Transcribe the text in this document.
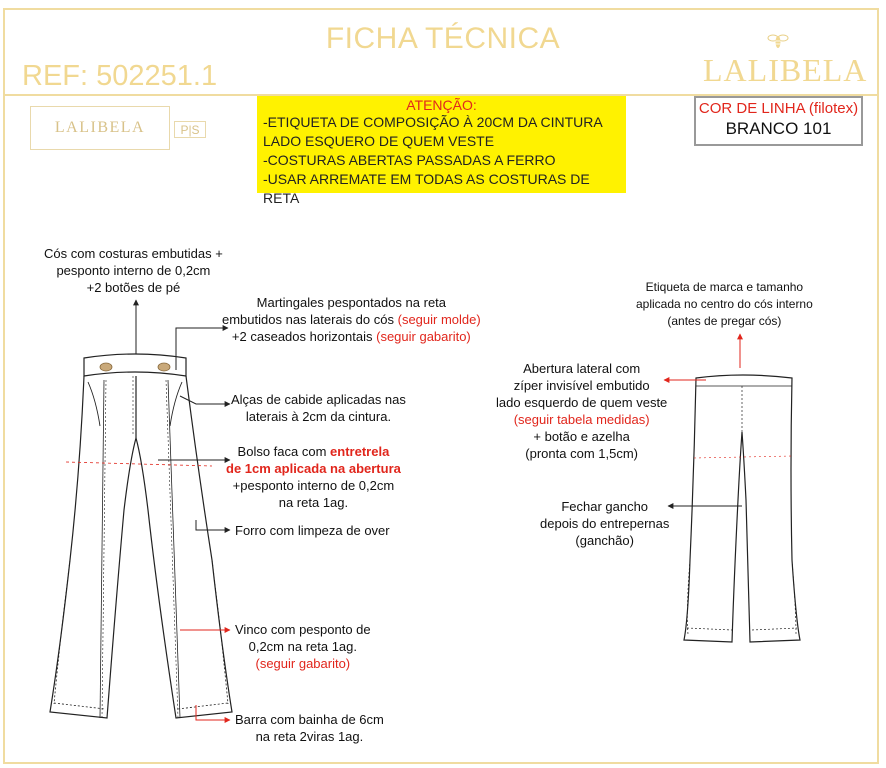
FICHA TÉCNICA
REF: 502251.1	LALIBELA
LALIBELA	P|S
ATENÇÃO:
-ETIQUETA DE COMPOSIÇÃO À 20CM DA CINTURA
LADO ESQUERO DE QUEM VESTE
-COSTURAS ABERTAS PASSADAS A FERRO
-USAR ARREMATE EM TODAS AS COSTURAS DE RETA
COR DE LINHA (filotex)
BRANCO 101
Cós com costuras embutidas +
pesponto interno de 0,2cm
+2 botões de pé
Martingales pespontados na reta
embutidos nas laterais do cós (seguir molde)
+2 caseados horizontais (seguir gabarito)
Alças de cabide aplicadas nas
laterais à 2cm da cintura.
Bolso faca com entretrela
de 1cm aplicada na abertura
+pesponto interno de 0,2cm
na reta 1ag.
Forro com limpeza de over
Vinco com pesponto de
0,2cm na reta 1ag.
(seguir gabarito)
Barra com bainha de 6cm
na reta 2viras 1ag.
Etiqueta de marca e tamanho
aplicada no centro do cós interno
(antes de pregar cós)
Abertura lateral com
zíper invisível embutido
lado esquerdo de quem veste
(seguir tabela medidas)
+ botão e azelha
(pronta com 1,5cm)
Fechar gancho
depois do entrepernas
(ganchão)
